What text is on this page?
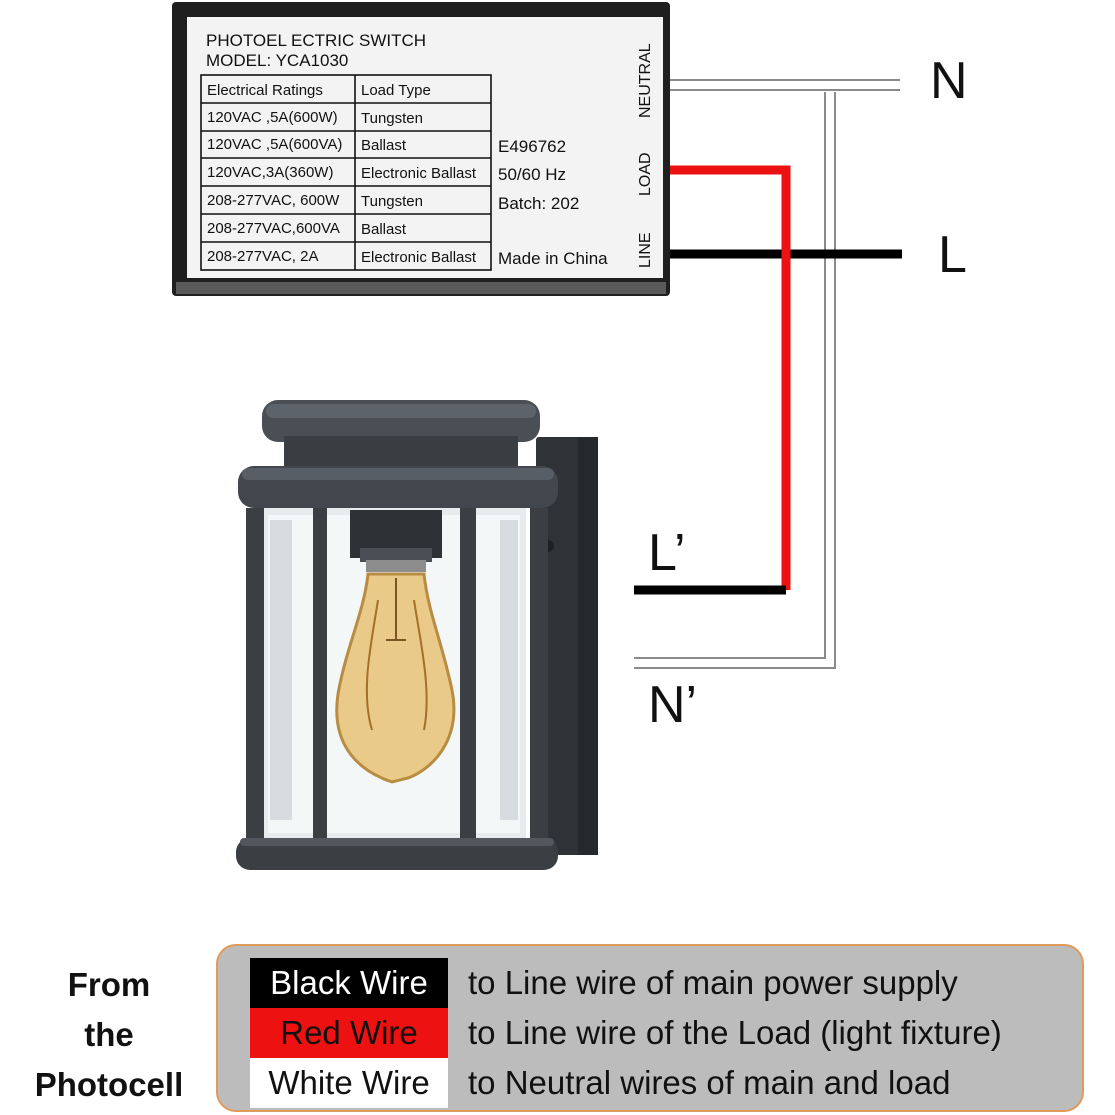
PHOTOEL ECTRIC SWITCH
MODEL: YCA1030
Electrical Ratings	Load Type
120VAC ,5A(600W) Tungsten
120VAC ,5A(600VA) Ballast
120VAC,3A(360W) Electronic Ballast
208-277VAC, 600W Tungsten
208-277VAC,600VA Ballast
208-277VAC, 2A	Electronic Ballast
E496762
50/60 Hz
Batch: 202
Made in China
NEUTRAL
LOAD
LINE
N
L
L’
N’
From
the
Photocell
Black Wire	to Line wire of main power supply
Red Wire	to Line wire of the Load (light fixture)
White Wire	to Neutral wires of main and load
